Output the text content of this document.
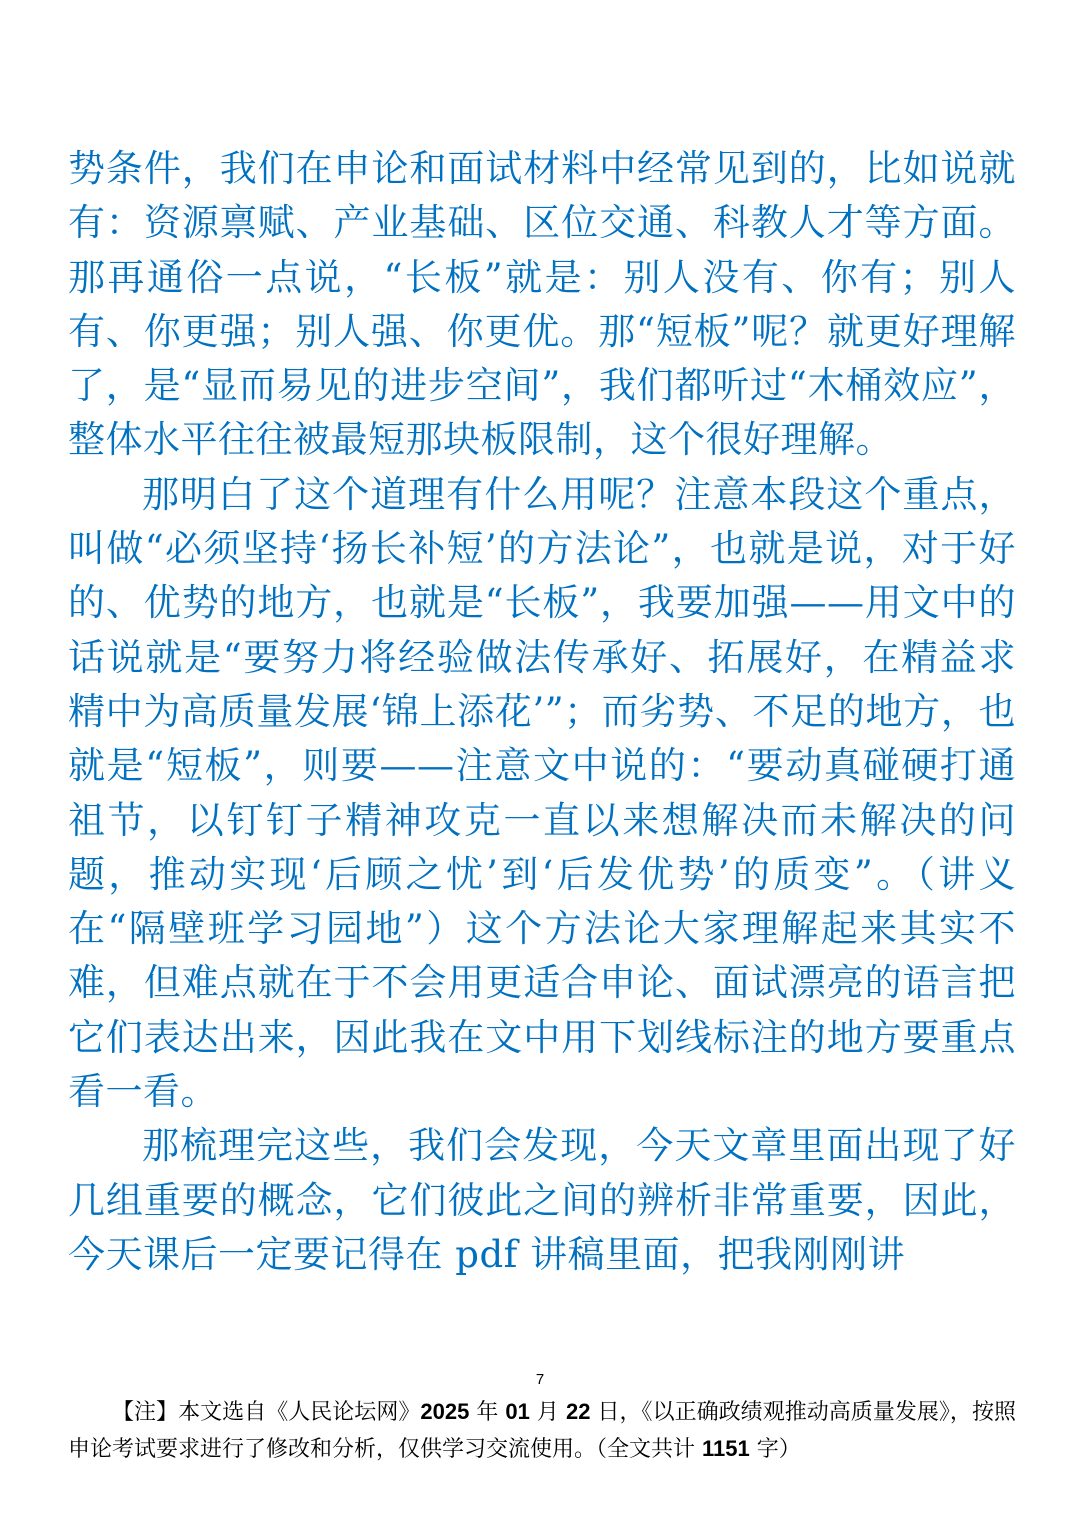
势条件，我们在申论和面试材料中经常见到的，比如说就有：资源禀赋、产业基础、区位交通、科教人才等方面。那再通俗一点说，“长板”就是：别人没有、你有；别人有、你更强；别人强、你更优。那“短板”呢？就更好理解了，是“显而易见的进步空间”，我们都听过“木桶效应”，整体水平往往被最短那块板限制，这个很好理解。

那明白了这个道理有什么用呢？注意本段这个重点，叫做“必须坚持‘扬长补短’的方法论”，也就是说，对于好的、优势的地方，也就是“长板”，我要加强——用文中的话说就是“要努力将经验做法传承好、拓展好，在精益求精中为高质量发展‘锦上添花’”；而劣势、不足的地方，也就是“短板”，则要——注意文中说的：“要动真碰硬打通祖节，以钉钉子精神攻克一直以来想解决而未解决的问题，推动实现‘后顾之忧’到‘后发优势’的质变”。（讲义在“隔壁班学习园地”）这个方法论大家理解起来其实不难，但难点就在于不会用更适合申论、面试漂亮的语言把它们表达出来，因此我在文中用下划线标注的地方要重点看一看。

那梳理完这些，我们会发现，今天文章里面出现了好几组重要的概念，它们彼此之间的辨析非常重要，因此，今天课后一定要记得在 pdf 讲稿里面，把我刚刚讲

7
【注】本文选自《人民论坛网》2025 年 01 月 22 日，《以正确政绩观推动高质量发展》，按照申论考试要求进行了修改和分析，仅供学习交流使用。（全文共计 1151 字）
